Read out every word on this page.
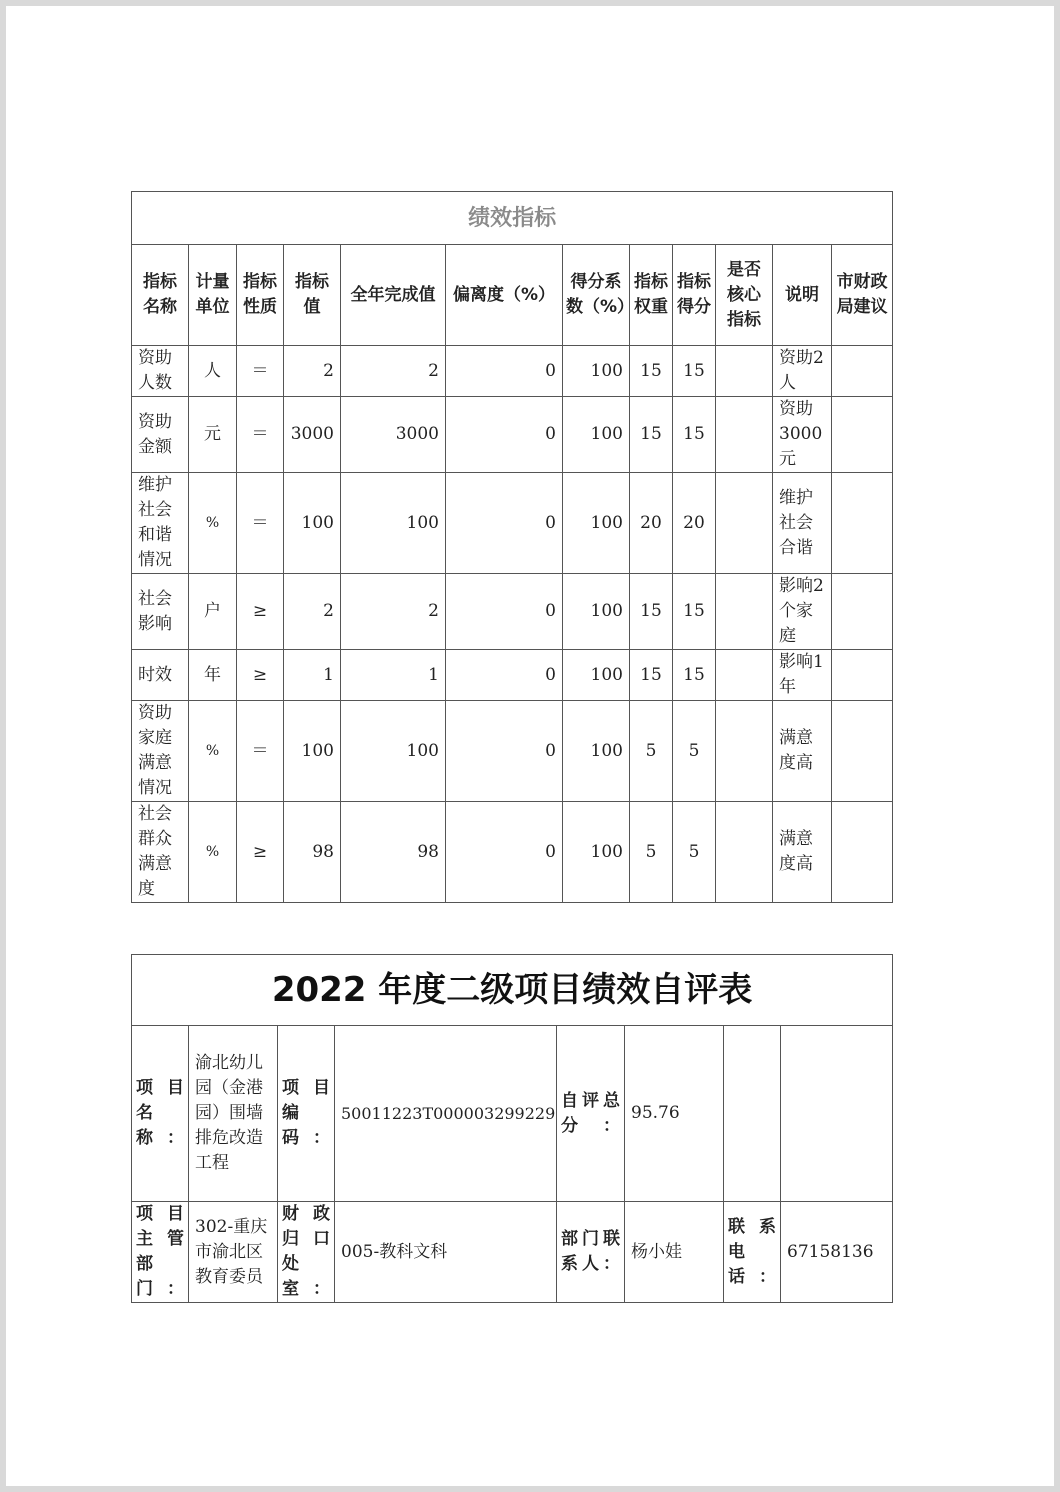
绩效指标											
指标名称	计量单位	指标性质	指标值	全年完成值	偏离度（%）	得分系数（%）	指标权重	指标得分	是否核心指标	说明	市财政局建议
资助人数	人	＝	2	2	0	100	15	15		资助2人	
资助金额	元	＝	3000	3000	0	100	15	15		资助3000元	
维护社会和谐情况	%	＝	100	100	0	100	20	20		维护社会合谐	
社会影响	户	≥	2	2	0	100	15	15		影响2个家庭	
时效	年	≥	1	1	0	100	15	15		影响1年	
资助家庭满意情况	%	＝	100	100	0	100	5	5		满意度高	
社会群众满意度	%	≥	98	98	0	100	5	5		满意度高	
2022 年度二级项目绩效自评表							
项目名称：	渝北幼儿园（金港园）围墙排危改造工程	项目编码：	50011223T000003299229	自评总分：	95.76		
项目主管部门：	302-重庆市渝北区教育委员	财政归口处室：	005-教科文科	部门联系人：	杨小娃	联系电话：	67158136
